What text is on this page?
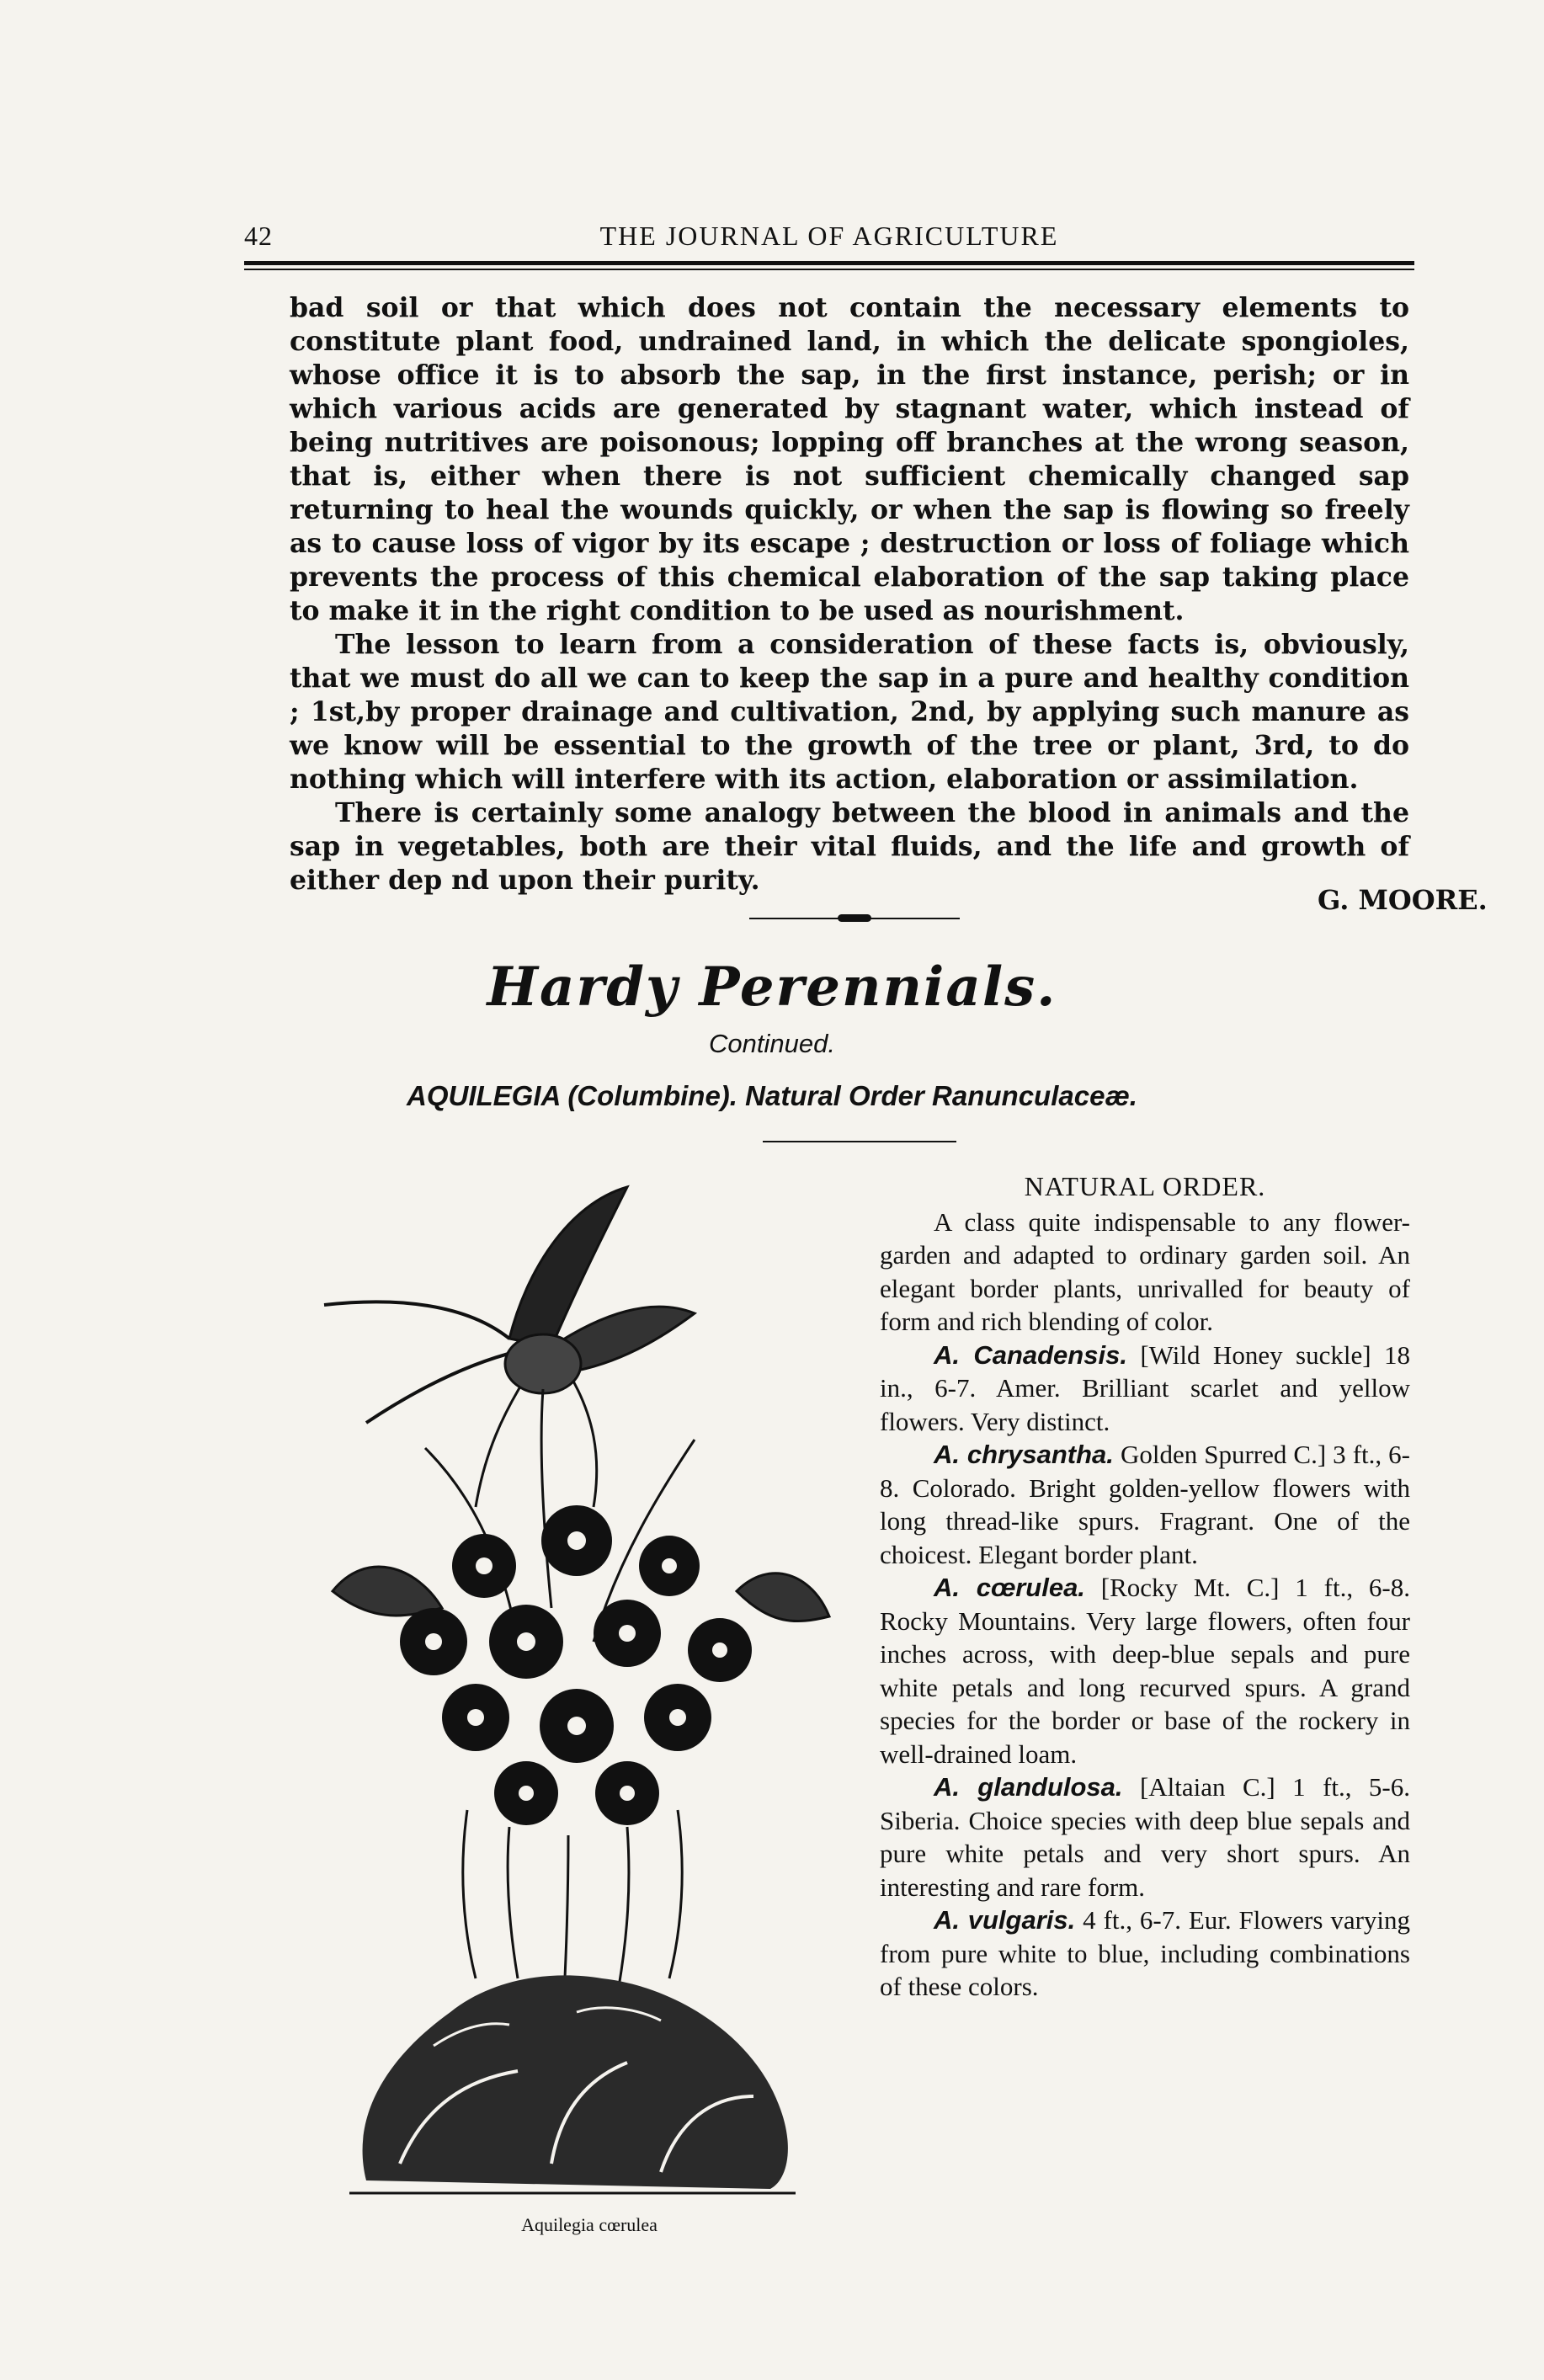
42	THE JOURNAL OF AGRICULTURE

bad soil or that which does not contain the necessary elements to constitute plant food, undrained land, in which the delicate spongioles, whose office it is to absorb the sap, in the first instance, perish; or in which various acids are generated by stagnant water, which instead of being nutritives are poisonous; lopping off branches at the wrong season, that is, either when there is not sufficient chemically changed sap returning to heal the wounds quickly, or when the sap is flowing so freely as to cause loss of vigor by its escape ; destruction or loss of foliage which prevents the process of this chemical elaboration of the sap taking place to make it in the right condition to be used as nourishment.

The lesson to learn from a consideration of these facts is, obviously, that we must do all we can to keep the sap in a pure and healthy condition ; 1st,by proper drainage and cultivation, 2nd, by applying such manure as we know will be essential to the growth of the tree or plant, 3rd, to do nothing which will interfere with its action, elaboration or assimilation.

There is certainly some analogy between the blood in animals and the sap in vegetables, both are their vital fluids, and the life and growth of either dep nd upon their purity.

G. MOORE.
Hardy Perennials.
Continued.
AQUILEGIA (Columbine). Natural Order Ranunculaceæ.
Aquilegia cœrulea
NATURAL ORDER.

A class quite indispensable to any flower-garden and adapted to ordinary garden soil. An elegant border plants, unrivalled for beauty of form and rich blending of color.

A. Canadensis. [Wild Honey suckle] 18 in., 6-7. Amer. Brilliant scarlet and yellow flowers. Very distinct.

A. chrysantha. Golden Spurred C.] 3 ft., 6-8. Colorado. Bright golden-yellow flowers with long thread-like spurs. Fragrant. One of the choicest. Elegant border plant.

A. cœrulea. [Rocky Mt. C.] 1 ft., 6-8. Rocky Mountains. Very large flowers, often four inches across, with deep-blue sepals and pure white petals and long recurved spurs. A grand species for the border or base of the rockery in well-drained loam.

A. glandulosa. [Altaian C.] 1 ft., 5-6. Siberia. Choice species with deep blue sepals and pure white petals and very short spurs. An interesting and rare form.

A. vulgaris. 4 ft., 6-7. Eur. Flowers varying from pure white to blue, including combinations of these colors.
